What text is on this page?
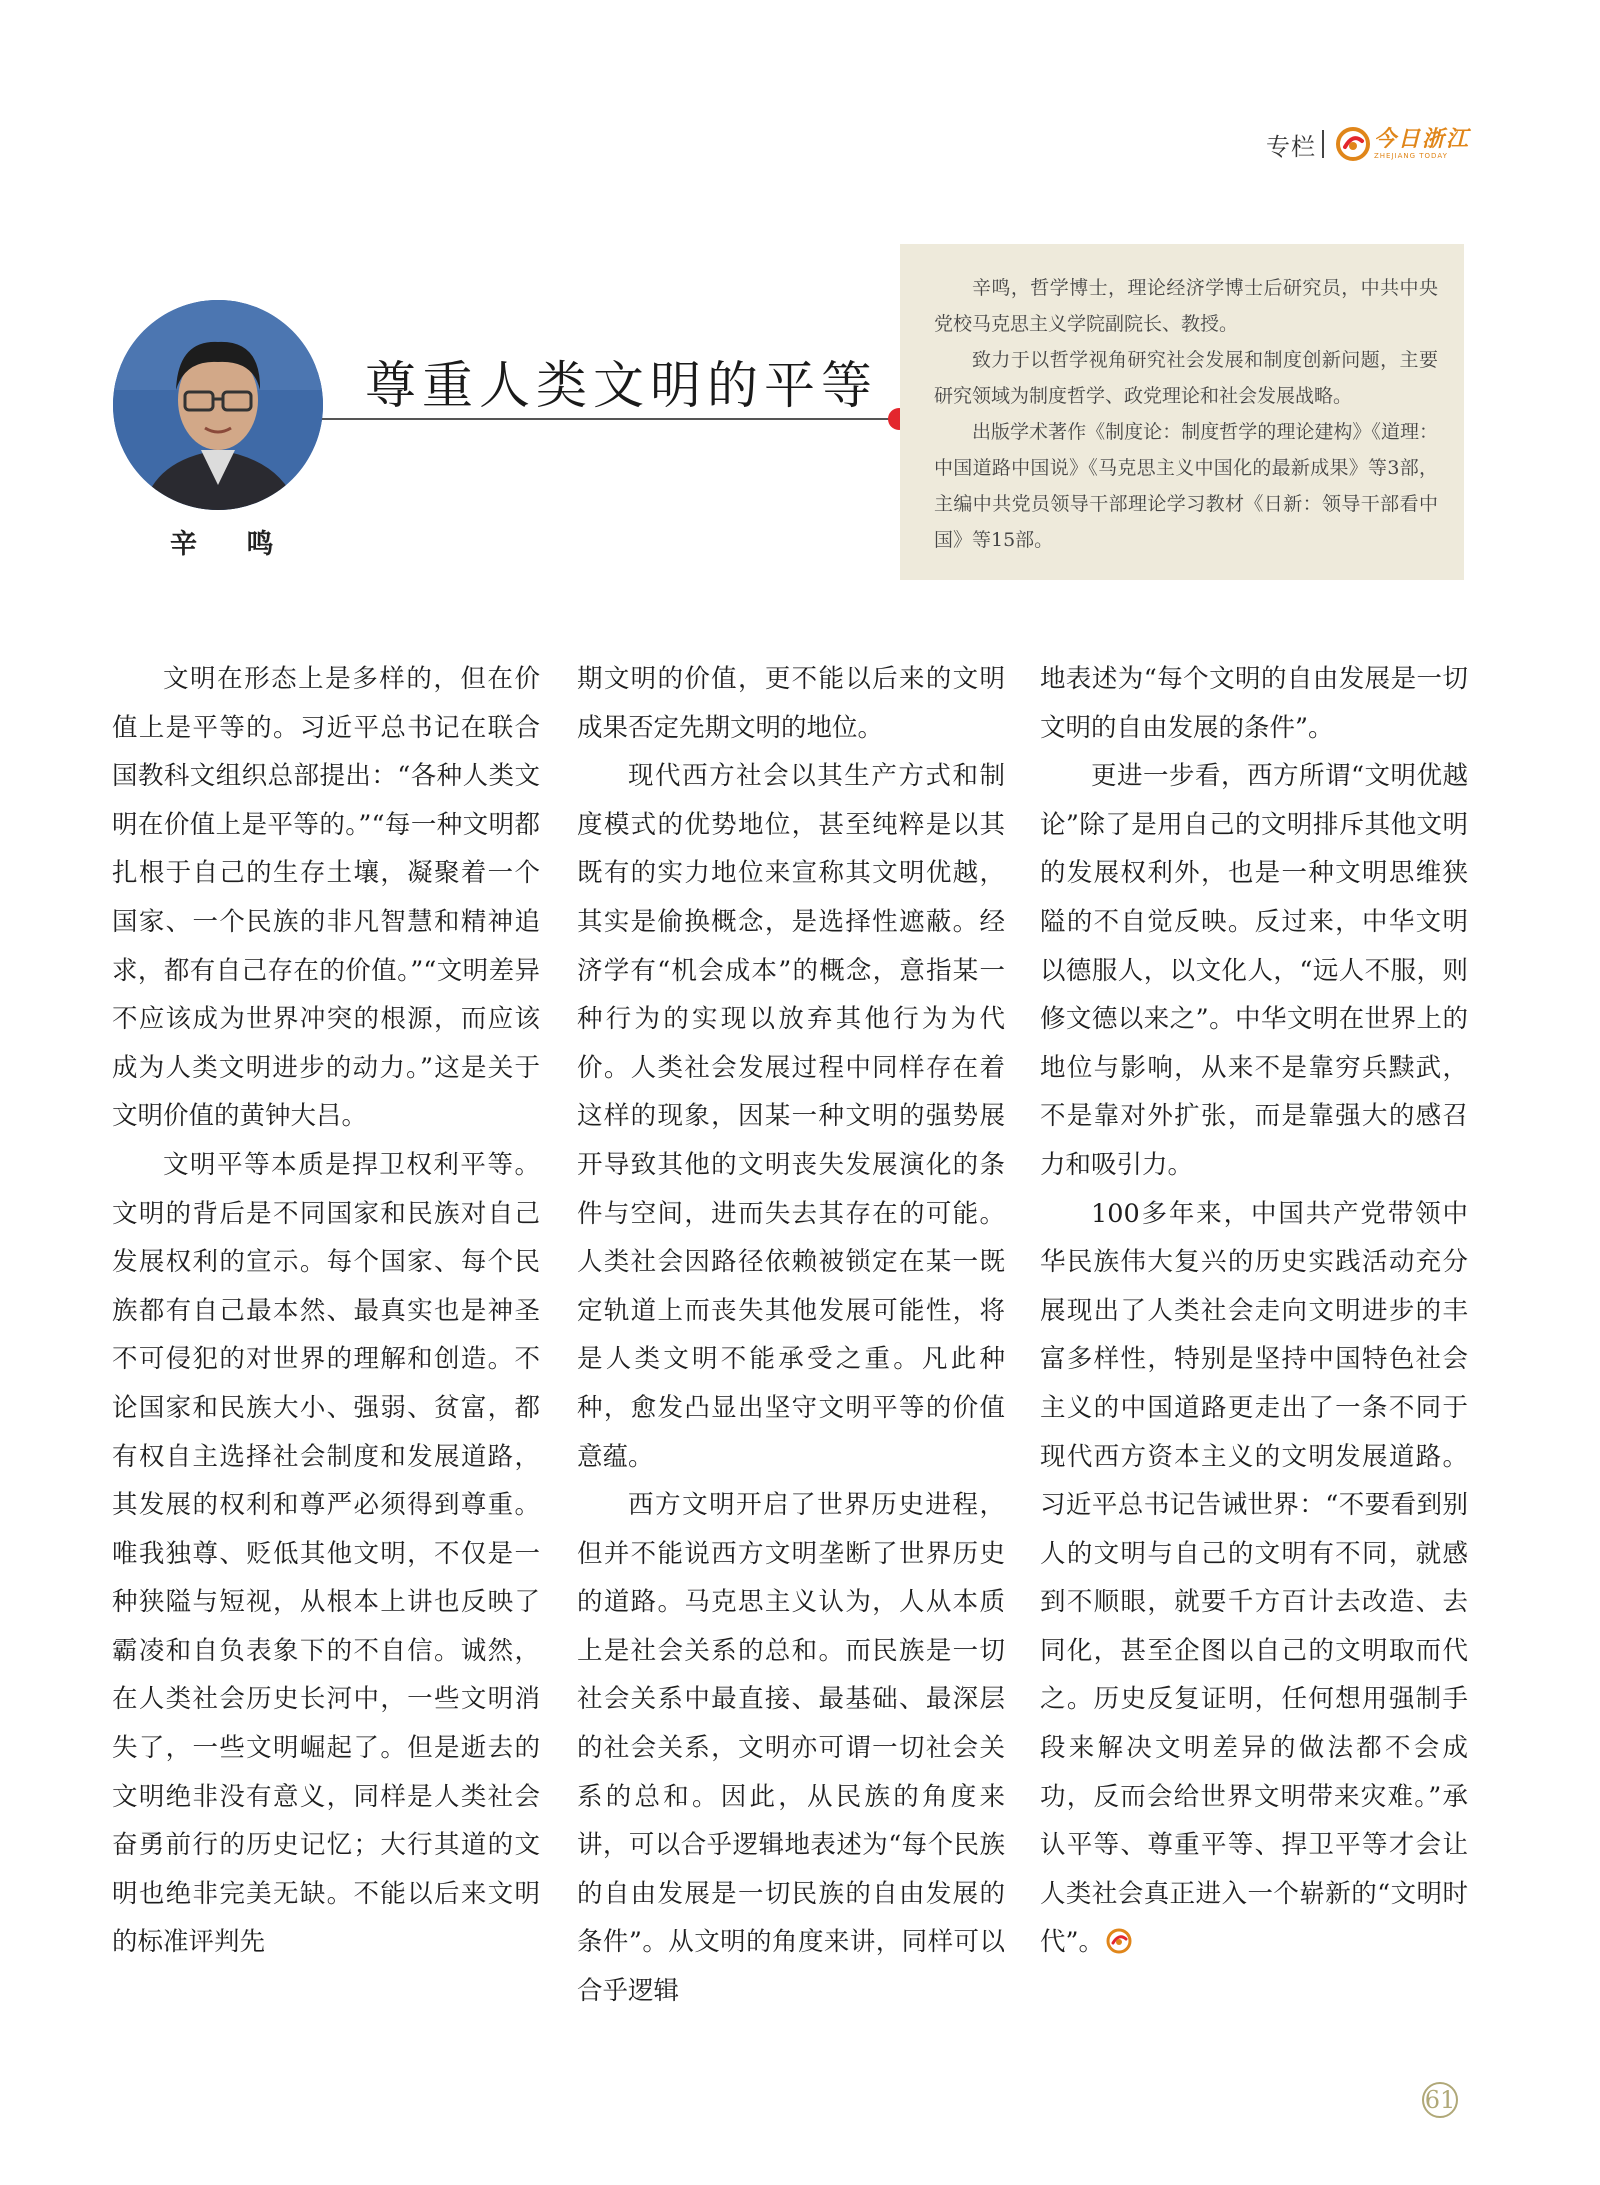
专栏	今日浙江
ZHEJIANG TODAY
辛 鸣
尊重人类文明的平等

辛鸣，哲学博士，理论经济学博士后研究员，中共中央党校马克思主义学院副院长、教授。

致力于以哲学视角研究社会发展和制度创新问题，主要研究领域为制度哲学、政党理论和社会发展战略。

出版学术著作《制度论：制度哲学的理论建构》《道理：中国道路中国说》《马克思主义中国化的最新成果》等3部，主编中共党员领导干部理论学习教材《日新：领导干部看中国》等15部。

文明在形态上是多样的，但在价值上是平等的。习近平总书记在联合国教科文组织总部提出：“各种人类文明在价值上是平等的。”“每一种文明都扎根于自己的生存土壤，凝聚着一个国家、一个民族的非凡智慧和精神追求，都有自己存在的价值。”“文明差异不应该成为世界冲突的根源，而应该成为人类文明进步的动力。”这是关于文明价值的黄钟大吕。

文明平等本质是捍卫权利平等。文明的背后是不同国家和民族对自己发展权利的宣示。每个国家、每个民族都有自己最本然、最真实也是神圣不可侵犯的对世界的理解和创造。不论国家和民族大小、强弱、贫富，都有权自主选择社会制度和发展道路，其发展的权利和尊严必须得到尊重。唯我独尊、贬低其他文明，不仅是一种狭隘与短视，从根本上讲也反映了霸凌和自负表象下的不自信。诚然，在人类社会历史长河中，一些文明消失了，一些文明崛起了。但是逝去的文明绝非没有意义，同样是人类社会奋勇前行的历史记忆；大行其道的文明也绝非完美无缺。不能以后来文明的标准评判先

期文明的价值，更不能以后来的文明成果否定先期文明的地位。

现代西方社会以其生产方式和制度模式的优势地位，甚至纯粹是以其既有的实力地位来宣称其文明优越，其实是偷换概念，是选择性遮蔽。经济学有“机会成本”的概念，意指某一种行为的实现以放弃其他行为为代价。人类社会发展过程中同样存在着这样的现象，因某一种文明的强势展开导致其他的文明丧失发展演化的条件与空间，进而失去其存在的可能。人类社会因路径依赖被锁定在某一既定轨道上而丧失其他发展可能性，将是人类文明不能承受之重。凡此种种，愈发凸显出坚守文明平等的价值意蕴。

西方文明开启了世界历史进程，但并不能说西方文明垄断了世界历史的道路。马克思主义认为，人从本质上是社会关系的总和。而民族是一切社会关系中最直接、最基础、最深层的社会关系，文明亦可谓一切社会关系的总和。因此，从民族的角度来讲，可以合乎逻辑地表述为“每个民族的自由发展是一切民族的自由发展的条件”。从文明的角度来讲，同样可以合乎逻辑

地表述为“每个文明的自由发展是一切文明的自由发展的条件”。

更进一步看，西方所谓“文明优越论”除了是用自己的文明排斥其他文明的发展权利外，也是一种文明思维狭隘的不自觉反映。反过来，中华文明以德服人，以文化人，“远人不服，则修文德以来之”。中华文明在世界上的地位与影响，从来不是靠穷兵黩武，不是靠对外扩张，而是靠强大的感召力和吸引力。

100多年来，中国共产党带领中华民族伟大复兴的历史实践活动充分展现出了人类社会走向文明进步的丰富多样性，特别是坚持中国特色社会主义的中国道路更走出了一条不同于现代西方资本主义的文明发展道路。习近平总书记告诫世界：“不要看到别人的文明与自己的文明有不同，就感到不顺眼，就要千方百计去改造、去同化，甚至企图以自己的文明取而代之。历史反复证明，任何想用强制手段来解决文明差异的做法都不会成功，反而会给世界文明带来灾难。”承认平等、尊重平等、捍卫平等才会让人类社会真正进入一个崭新的“文明时代”。

61
